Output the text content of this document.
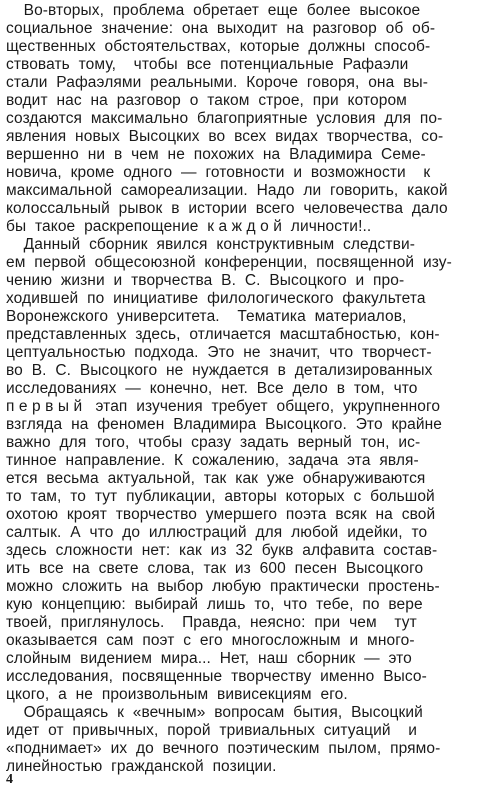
Во-вторых,  проблема  обретает  еще  более  высокое
социальное  значение:  она  выходит  на  разговор  об  об-
щественных  обстоятельствах,  которые  должны  способ-
ствовать  тому,    чтобы  все  потенциальные  Рафаэли
стали  Рафаэлями  реальными.  Короче  говоря,  она  вы-
водит  нас  на  разговор  о  таком  строе,  при  котором
создаются  максимально  благоприятные  условия  для  по-
явления  новых  Высоцких  во  всех  видах  творчества,  со-
вершенно  ни  в  чем  не  похожих  на  Владимира  Семе-
новича,  кроме  одного  —  готовности  и  возможности    к
максимальной  самореализации.  Надо  ли  говорить,  какой
колоссальный  рывок  в  истории  всего  человечества  дало
бы  такое  раскрепощение  к а ж д о й  личности!..
Данный  сборник  явился  конструктивным  следстви-
ем  первой  общесоюзной  конференции,  посвященной  изу-
чению  жизни  и  творчества  В.  С.  Высоцкого  и  про-
ходившей  по  инициативе  филологического  факультета
Воронежского  университета.    Тематика  материалов,
представленных  здесь,  отличается  масштабностью,  кон-
цептуальностью  подхода.  Это  не  значит,  что  творчест-
во  В.  С.  Высоцкого  не  нуждается  в  детализированных
исследованиях  —  конечно,  нет.  Все  дело  в  том,  что
п е р в ы й   этап  изучения  требует  общего,  укрупненного
взгляда  на  феномен  Владимира  Высоцкого.  Это  крайне
важно  для  того,  чтобы  сразу  задать  верный  тон,  ис-
тинное  направление.  К  сожалению,  задача  эта  явля-
ется  весьма  актуальной,  так  как  уже  обнаруживаются
то  там,  то  тут  публикации,  авторы  которых  с  большой
охотою  кроят  творчество  умершего  поэта  всяк  на  свой
салтык.  А  что  до  иллюстраций  для  любой  идейки,  то
здесь  сложности  нет:  как  из  32  букв  алфавита  состав-
ить  все  на  свете  слова,  так  из  600  песен  Высоцкого
можно  сложить  на  выбор  любую  практически  простень-
кую  концепцию:  выбирай  лишь  то,  что  тебе,  по  вере
твоей,  приглянулось.    Правда,  неясно:  при  чем    тут
оказывается  сам  поэт  с  его  многосложным  и  много-
слойным  видением  мира...  Нет,  наш  сборник  —  это
исследования,  посвященные  творчеству  именно  Высо-
цкого,  а  не  произвольным  вивисекциям  его.
Обращаясь  к  «вечным»  вопросам  бытия,  Высоцкий
идет  от  привычных,  порой  тривиальных  ситуаций    и
«поднимает»  их  до  вечного  поэтическим  пылом,  прямо-
линейностью  гражданской  позиции.
4
